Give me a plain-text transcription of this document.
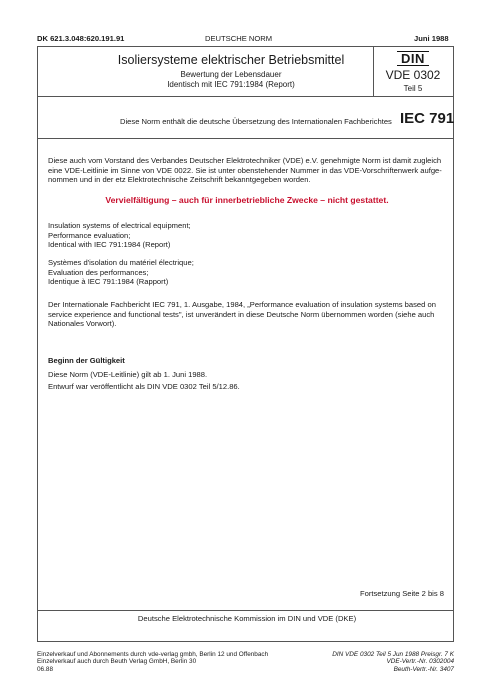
DK 621.3.048:620.191.91	DEUTSCHE NORM	Juni 1988
Isoliersysteme elektrischer Betriebsmittel
Bewertung der Lebensdauer
Identisch mit IEC 791:1984 (Report)
DIN
VDE 0302
Teil 5
Diese Norm enthält die deutsche Übersetzung des Internationalen Fachberichtes IEC 791
Diese auch vom Vorstand des Verbandes Deutscher Elektrotechniker (VDE) e.V. genehmigte Norm ist damit zugleich
eine VDE-Leitlinie im Sinne von VDE 0022. Sie ist unter obenstehender Nummer in das VDE-Vorschriftenwerk aufge-
nommen und in der etz Elektrotechnische Zeitschrift bekanntgegeben worden.
Vervielfältigung – auch für innerbetriebliche Zwecke – nicht gestattet.
Insulation systems of electrical equipment;
Performance evaluation;
Identical with IEC 791:1984 (Report)
Systèmes d'isolation du matériel électrique;
Evaluation des performances;
Identique à IEC 791:1984 (Rapport)
Der Internationale Fachbericht IEC 791, 1. Ausgabe, 1984, „Performance evaluation of insulation systems based on
service experience and functional tests", ist unverändert in diese Deutsche Norm übernommen worden (siehe auch
Nationales Vorwort).
Beginn der Gültigkeit
Diese Norm (VDE-Leitlinie) gilt ab 1. Juni 1988.
Entwurf war veröffentlicht als DIN VDE 0302 Teil 5/12.86.
Fortsetzung Seite 2 bis 8
Deutsche Elektrotechnische Kommission im DIN und VDE (DKE)
Einzelverkauf und Abonnements durch vde-verlag gmbh, Berlin 12 und Offenbach
Einzelverkauf auch durch Beuth Verlag GmbH, Berlin 30
06.88
DIN VDE 0302 Teil 5 Jun 1988 Preisgr. 7 K
VDE-Vertr.-Nr. 0302004
Beuth-Vertr.-Nr. 3407
